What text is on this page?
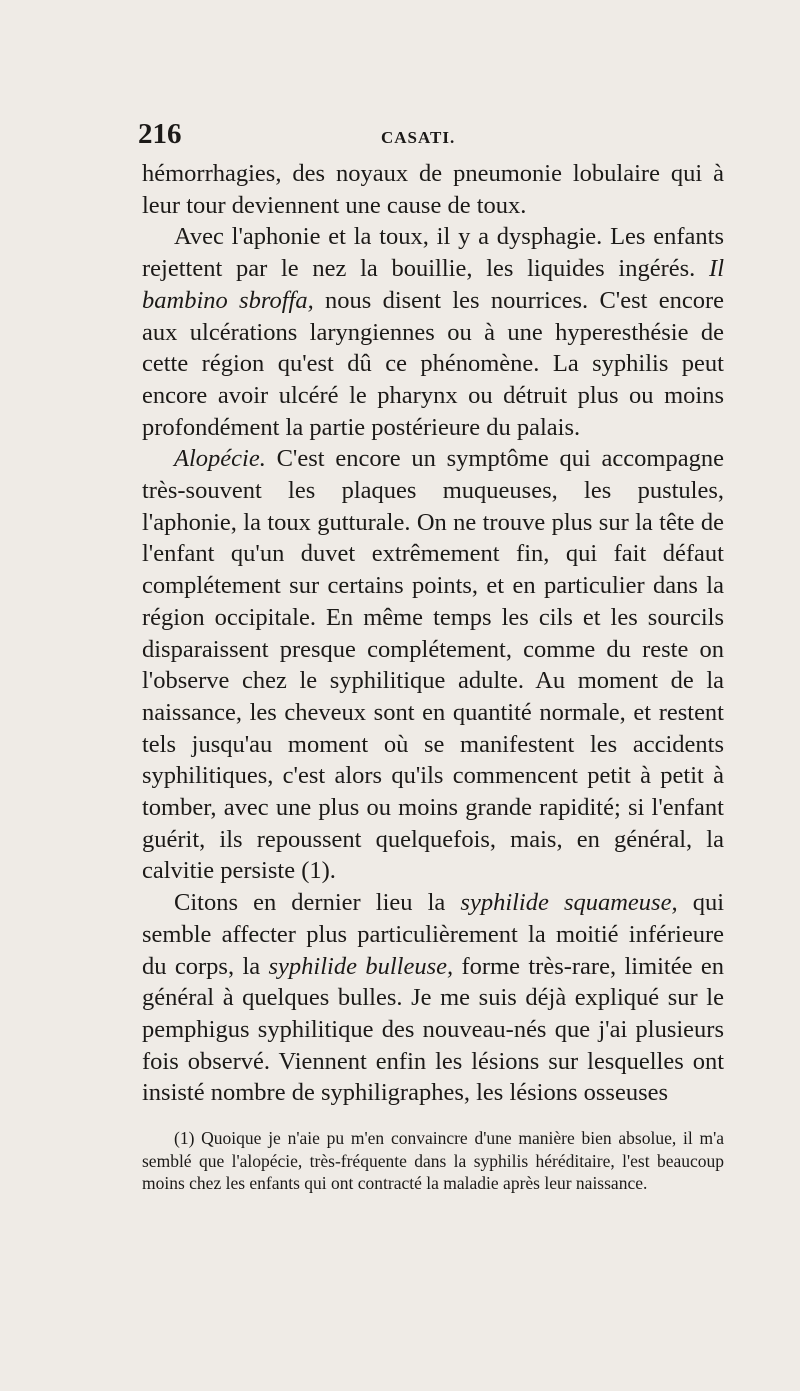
216	CASATI.

hémorrhagies, des noyaux de pneumonie lobulaire qui à leur tour deviennent une cause de toux.

Avec l'aphonie et la toux, il y a dysphagie. Les enfants rejettent par le nez la bouillie, les liquides ingérés. Il bambino sbroffa, nous disent les nourrices. C'est encore aux ulcérations laryngiennes ou à une hyperesthésie de cette région qu'est dû ce phénomène. La syphilis peut encore avoir ulcéré le pharynx ou détruit plus ou moins profondément la partie postérieure du palais.

Alopécie. C'est encore un symptôme qui accompagne très-souvent les plaques muqueuses, les pustules, l'aphonie, la toux gutturale. On ne trouve plus sur la tête de l'enfant qu'un duvet extrêmement fin, qui fait défaut complétement sur certains points, et en particulier dans la région occipitale. En même temps les cils et les sourcils disparaissent presque complétement, comme du reste on l'observe chez le syphilitique adulte. Au moment de la naissance, les cheveux sont en quantité normale, et restent tels jusqu'au moment où se manifestent les accidents syphilitiques, c'est alors qu'ils commencent petit à petit à tomber, avec une plus ou moins grande rapidité; si l'enfant guérit, ils repoussent quelquefois, mais, en général, la calvitie persiste (1).

Citons en dernier lieu la syphilide squameuse, qui semble affecter plus particulièrement la moitié inférieure du corps, la syphilide bulleuse, forme très-rare, limitée en général à quelques bulles. Je me suis déjà expliqué sur le pemphigus syphilitique des nouveau-nés que j'ai plusieurs fois observé. Viennent enfin les lésions sur lesquelles ont insisté nombre de syphiligraphes, les lésions osseuses

(1) Quoique je n'aie pu m'en convaincre d'une manière bien absolue, il m'a semblé que l'alopécie, très-fréquente dans la syphilis héréditaire, l'est beaucoup moins chez les enfants qui ont contracté la maladie après leur naissance.
